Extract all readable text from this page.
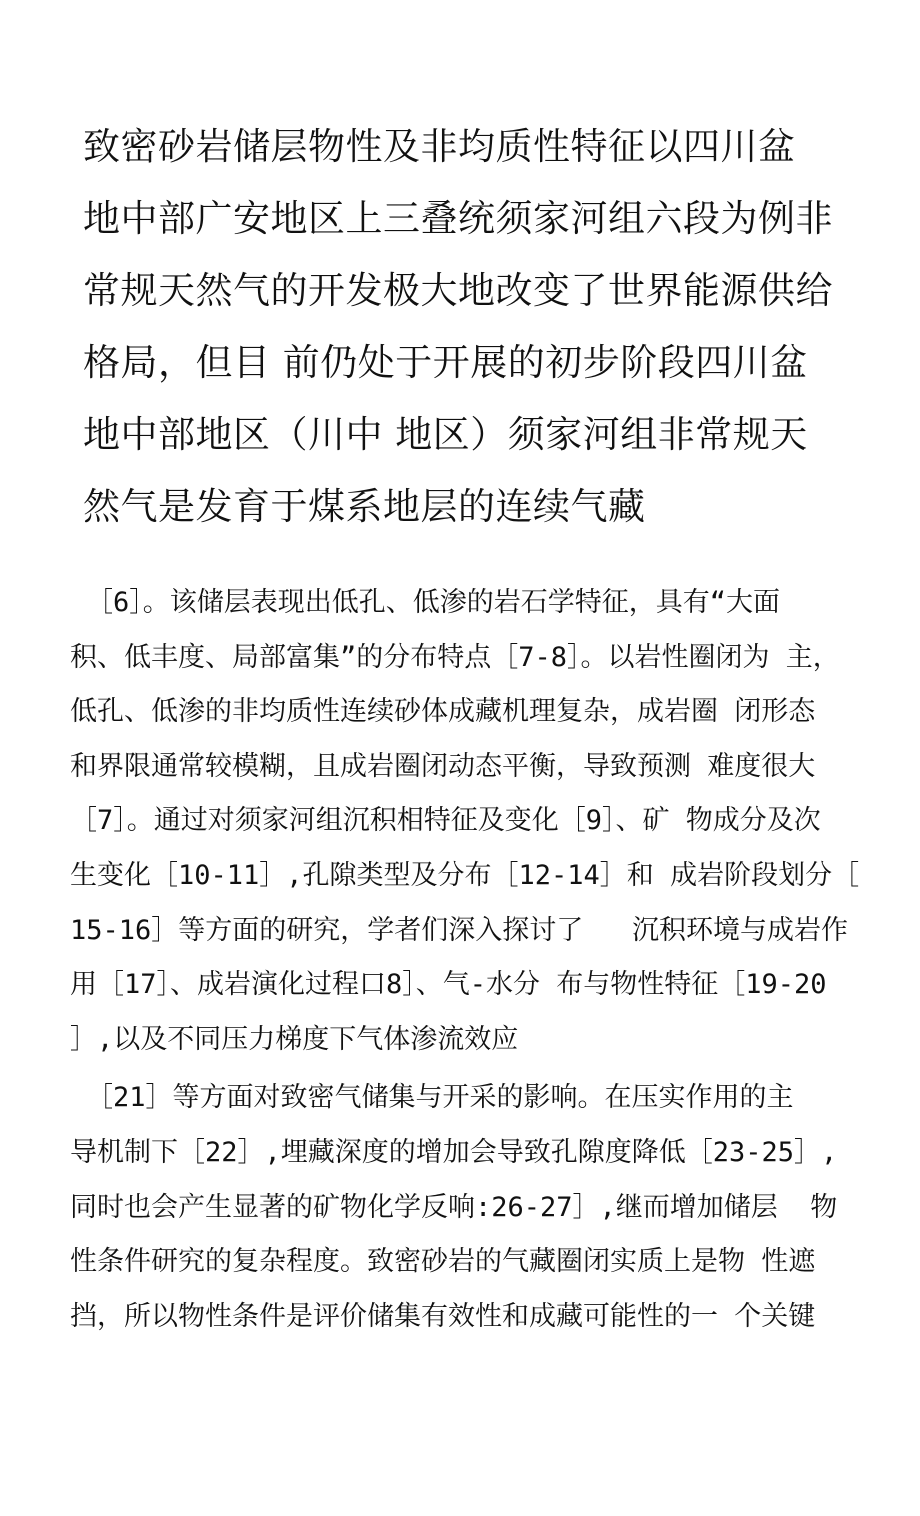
致密砂岩储层物性及非均质性特征以四川盆
地中部广安地区上三叠统须家河组六段为例非
常规天然气的开发极大地改变了世界能源供给
格局，但目 前仍处于开展的初步阶段四川盆
地中部地区（川中 地区）须家河组非常规天
然气是发育于煤系地层的连续气藏
［6］。该储层表现出低孔、低渗的岩石学特征，具有“大面
积、低丰度、局部富集”的分布特点［7-8］。以岩性圈闭为 主，
低孔、低渗的非均质性连续砂体成藏机理复杂，成岩圈 闭形态
和界限通常较模糊，且成岩圈闭动态平衡，导致预测 难度很大
［7］。通过对须家河组沉积相特征及变化［9］、矿 物成分及次
生变化［10-11］,孔隙类型及分布［12-14］和 成岩阶段划分［
15-16］等方面的研究，学者们深入探讨了   沉积环境与成岩作
用［17］、成岩演化过程口8］、气-水分 布与物性特征［19-20
］,以及不同压力梯度下气体渗流效应
［21］等方面对致密气储集与开采的影响。在压实作用的主
导机制下［22］,埋藏深度的增加会导致孔隙度降低［23-25］,
同时也会产生显著的矿物化学反响:26-27］,继而增加储层  物
性条件研究的复杂程度。致密砂岩的气藏圈闭实质上是物 性遮
挡，所以物性条件是评价储集有效性和成藏可能性的一 个关键
